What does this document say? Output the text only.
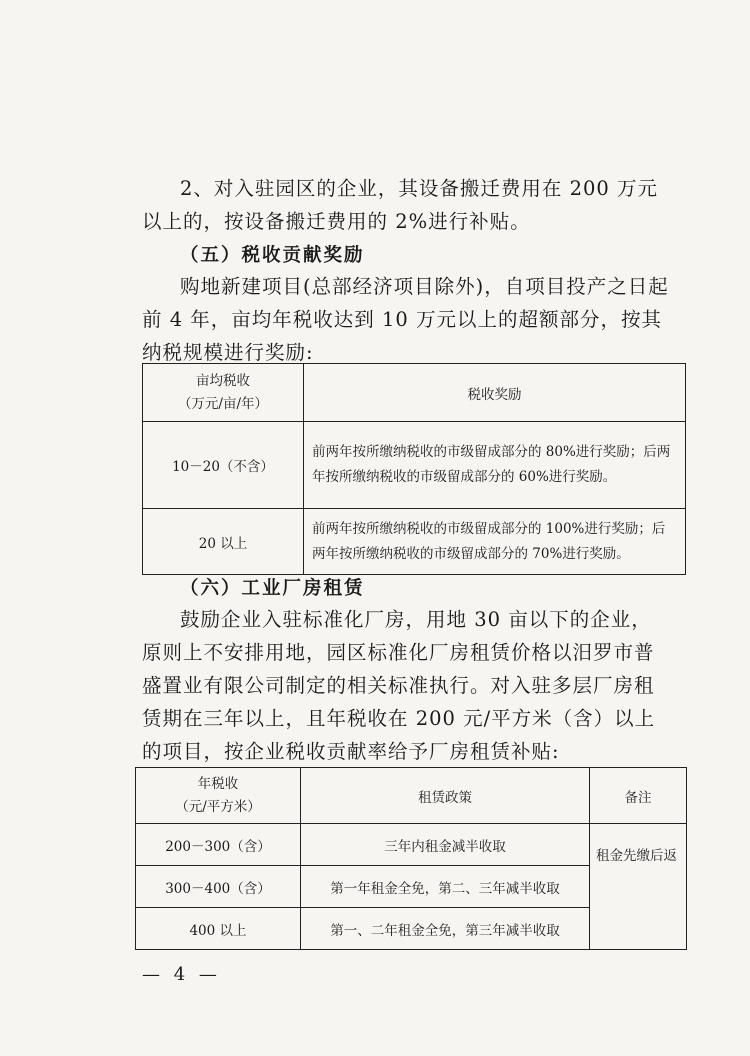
2、对入驻园区的企业，其设备搬迁费用在 200 万元以上的，按设备搬迁费用的 2%进行补贴。
（五）税收贡献奖励
购地新建项目(总部经济项目除外)，自项目投产之日起前 4 年，亩均年税收达到 10 万元以上的超额部分，按其纳税规模进行奖励:
亩均税收
（万元/亩/年）	税收奖励
10－20（不含）	前两年按所缴纳税收的市级留成部分的 80%进行奖励；后两年按所缴纳税收的市级留成部分的 60%进行奖励。
20 以上	前两年按所缴纳税收的市级留成部分的 100%进行奖励；后两年按所缴纳税收的市级留成部分的 70%进行奖励。
（六）工业厂房租赁
鼓励企业入驻标准化厂房，用地 30 亩以下的企业，原则上不安排用地，园区标准化厂房租赁价格以汨罗市普盛置业有限公司制定的相关标准执行。对入驻多层厂房租赁期在三年以上，且年税收在 200 元/平方米（含）以上的项目，按企业税收贡献率给予厂房租赁补贴:
年税收
（元/平方米）	租赁政策	备注
200－300（含）	三年内租金减半收取	租金先缴后返
300－400（含）	第一年租金全免，第二、三年减半收取	
400 以上	第一、二年租金全免，第三年减半收取	
— 4 —
